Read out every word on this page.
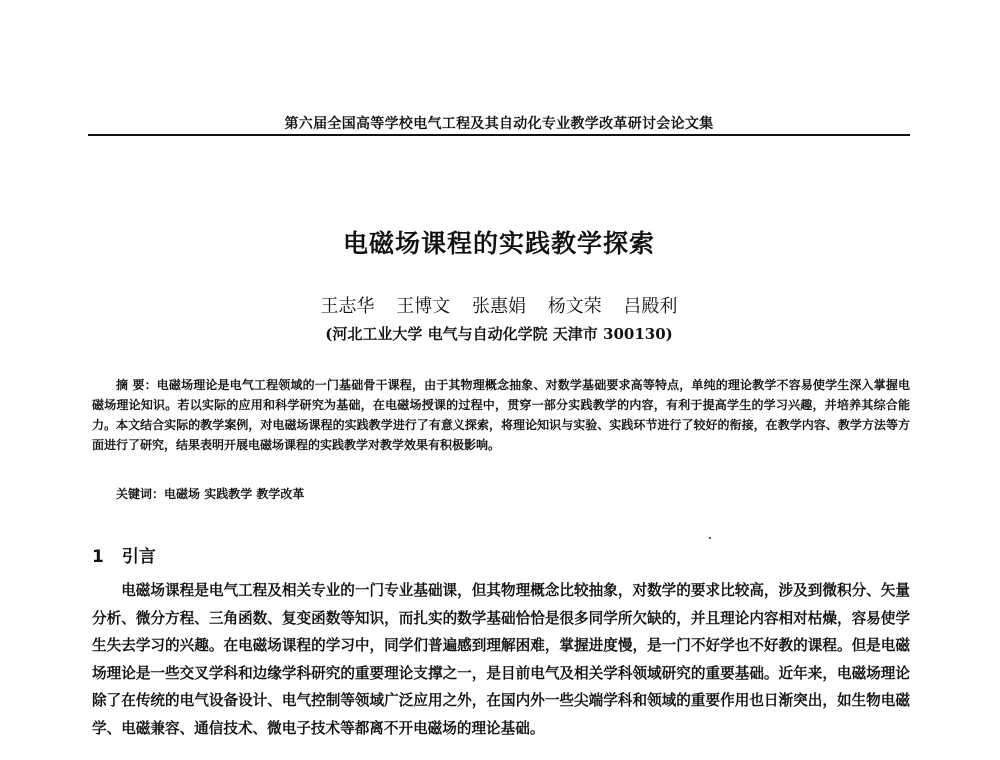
第六届全国高等学校电气工程及其自动化专业教学改革研讨会论文集
电磁场课程的实践教学探索
王志华 王博文 张惠娟 杨文荣 吕殿利
(河北工业大学 电气与自动化学院 天津市 300130)

摘 要：电磁场理论是电气工程领域的一门基础骨干课程，由于其物理概念抽象、对数学基础要求高等特点，单纯的理论教学不容易使学生深入掌握电磁场理论知识。若以实际的应用和科学研究为基础，在电磁场授课的过程中，贯穿一部分实践教学的内容，有利于提高学生的学习兴趣，并培养其综合能力。本文结合实际的教学案例，对电磁场课程的实践教学进行了有意义探索，将理论知识与实验、实践环节进行了较好的衔接，在教学内容、教学方法等方面进行了研究，结果表明开展电磁场课程的实践教学对教学效果有积极影响。

关键词：电磁场 实践教学 教学改革

1 引言

电磁场课程是电气工程及相关专业的一门专业基础课，但其物理概念比较抽象，对数学的要求比较高，涉及到微积分、矢量分析、微分方程、三角函数、复变函数等知识，而扎实的数学基础恰恰是很多同学所欠缺的，并且理论内容相对枯燥，容易使学生失去学习的兴趣。在电磁场课程的学习中，同学们普遍感到理解困难，掌握进度慢，是一门不好学也不好教的课程。但是电磁场理论是一些交叉学科和边缘学科研究的重要理论支撑之一，是目前电气及相关学科领域研究的重要基础。近年来，电磁场理论除了在传统的电气设备设计、电气控制等领域广泛应用之外，在国内外一些尖端学科和领域的重要作用也日渐突出，如生物电磁学、电磁兼容、通信技术、微电子技术等都离不开电磁场的理论基础。
